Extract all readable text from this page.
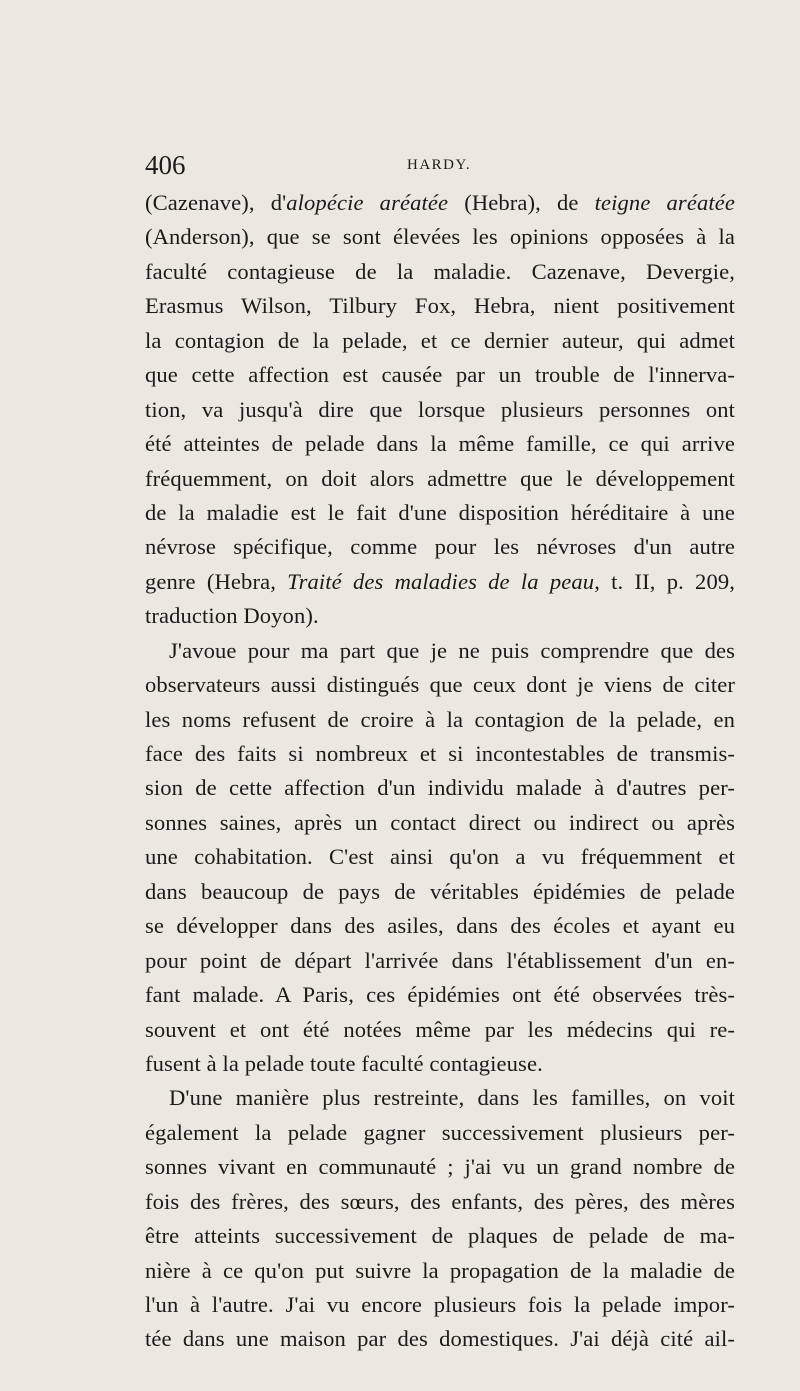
406	HARDY.
(Cazenave), d'alopécie aréatée (Hebra), de teigne aréatée
(Anderson), que se sont élevées les opinions opposées à la
faculté contagieuse de la maladie. Cazenave, Devergie,
Erasmus Wilson, Tilbury Fox, Hebra, nient positivement
la contagion de la pelade, et ce dernier auteur, qui admet
que cette affection est causée par un trouble de l'innerva-
tion, va jusqu'à dire que lorsque plusieurs personnes ont
été atteintes de pelade dans la même famille, ce qui arrive
fréquemment, on doit alors admettre que le développement
de la maladie est le fait d'une disposition héréditaire à une
névrose spécifique, comme pour les névroses d'un autre
genre (Hebra, Traité des maladies de la peau, t. II, p. 209,
traduction Doyon).
J'avoue pour ma part que je ne puis comprendre que des
observateurs aussi distingués que ceux dont je viens de citer
les noms refusent de croire à la contagion de la pelade, en
face des faits si nombreux et si incontestables de transmis-
sion de cette affection d'un individu malade à d'autres per-
sonnes saines, après un contact direct ou indirect ou après
une cohabitation. C'est ainsi qu'on a vu fréquemment et
dans beaucoup de pays de véritables épidémies de pelade
se développer dans des asiles, dans des écoles et ayant eu
pour point de départ l'arrivée dans l'établissement d'un en-
fant malade. A Paris, ces épidémies ont été observées très-
souvent et ont été notées même par les médecins qui re-
fusent à la pelade toute faculté contagieuse.
D'une manière plus restreinte, dans les familles, on voit
également la pelade gagner successivement plusieurs per-
sonnes vivant en communauté ; j'ai vu un grand nombre de
fois des frères, des sœurs, des enfants, des pères, des mères
être atteints successivement de plaques de pelade de ma-
nière à ce qu'on put suivre la propagation de la maladie de
l'un à l'autre. J'ai vu encore plusieurs fois la pelade impor-
tée dans une maison par des domestiques. J'ai déjà cité ail-
